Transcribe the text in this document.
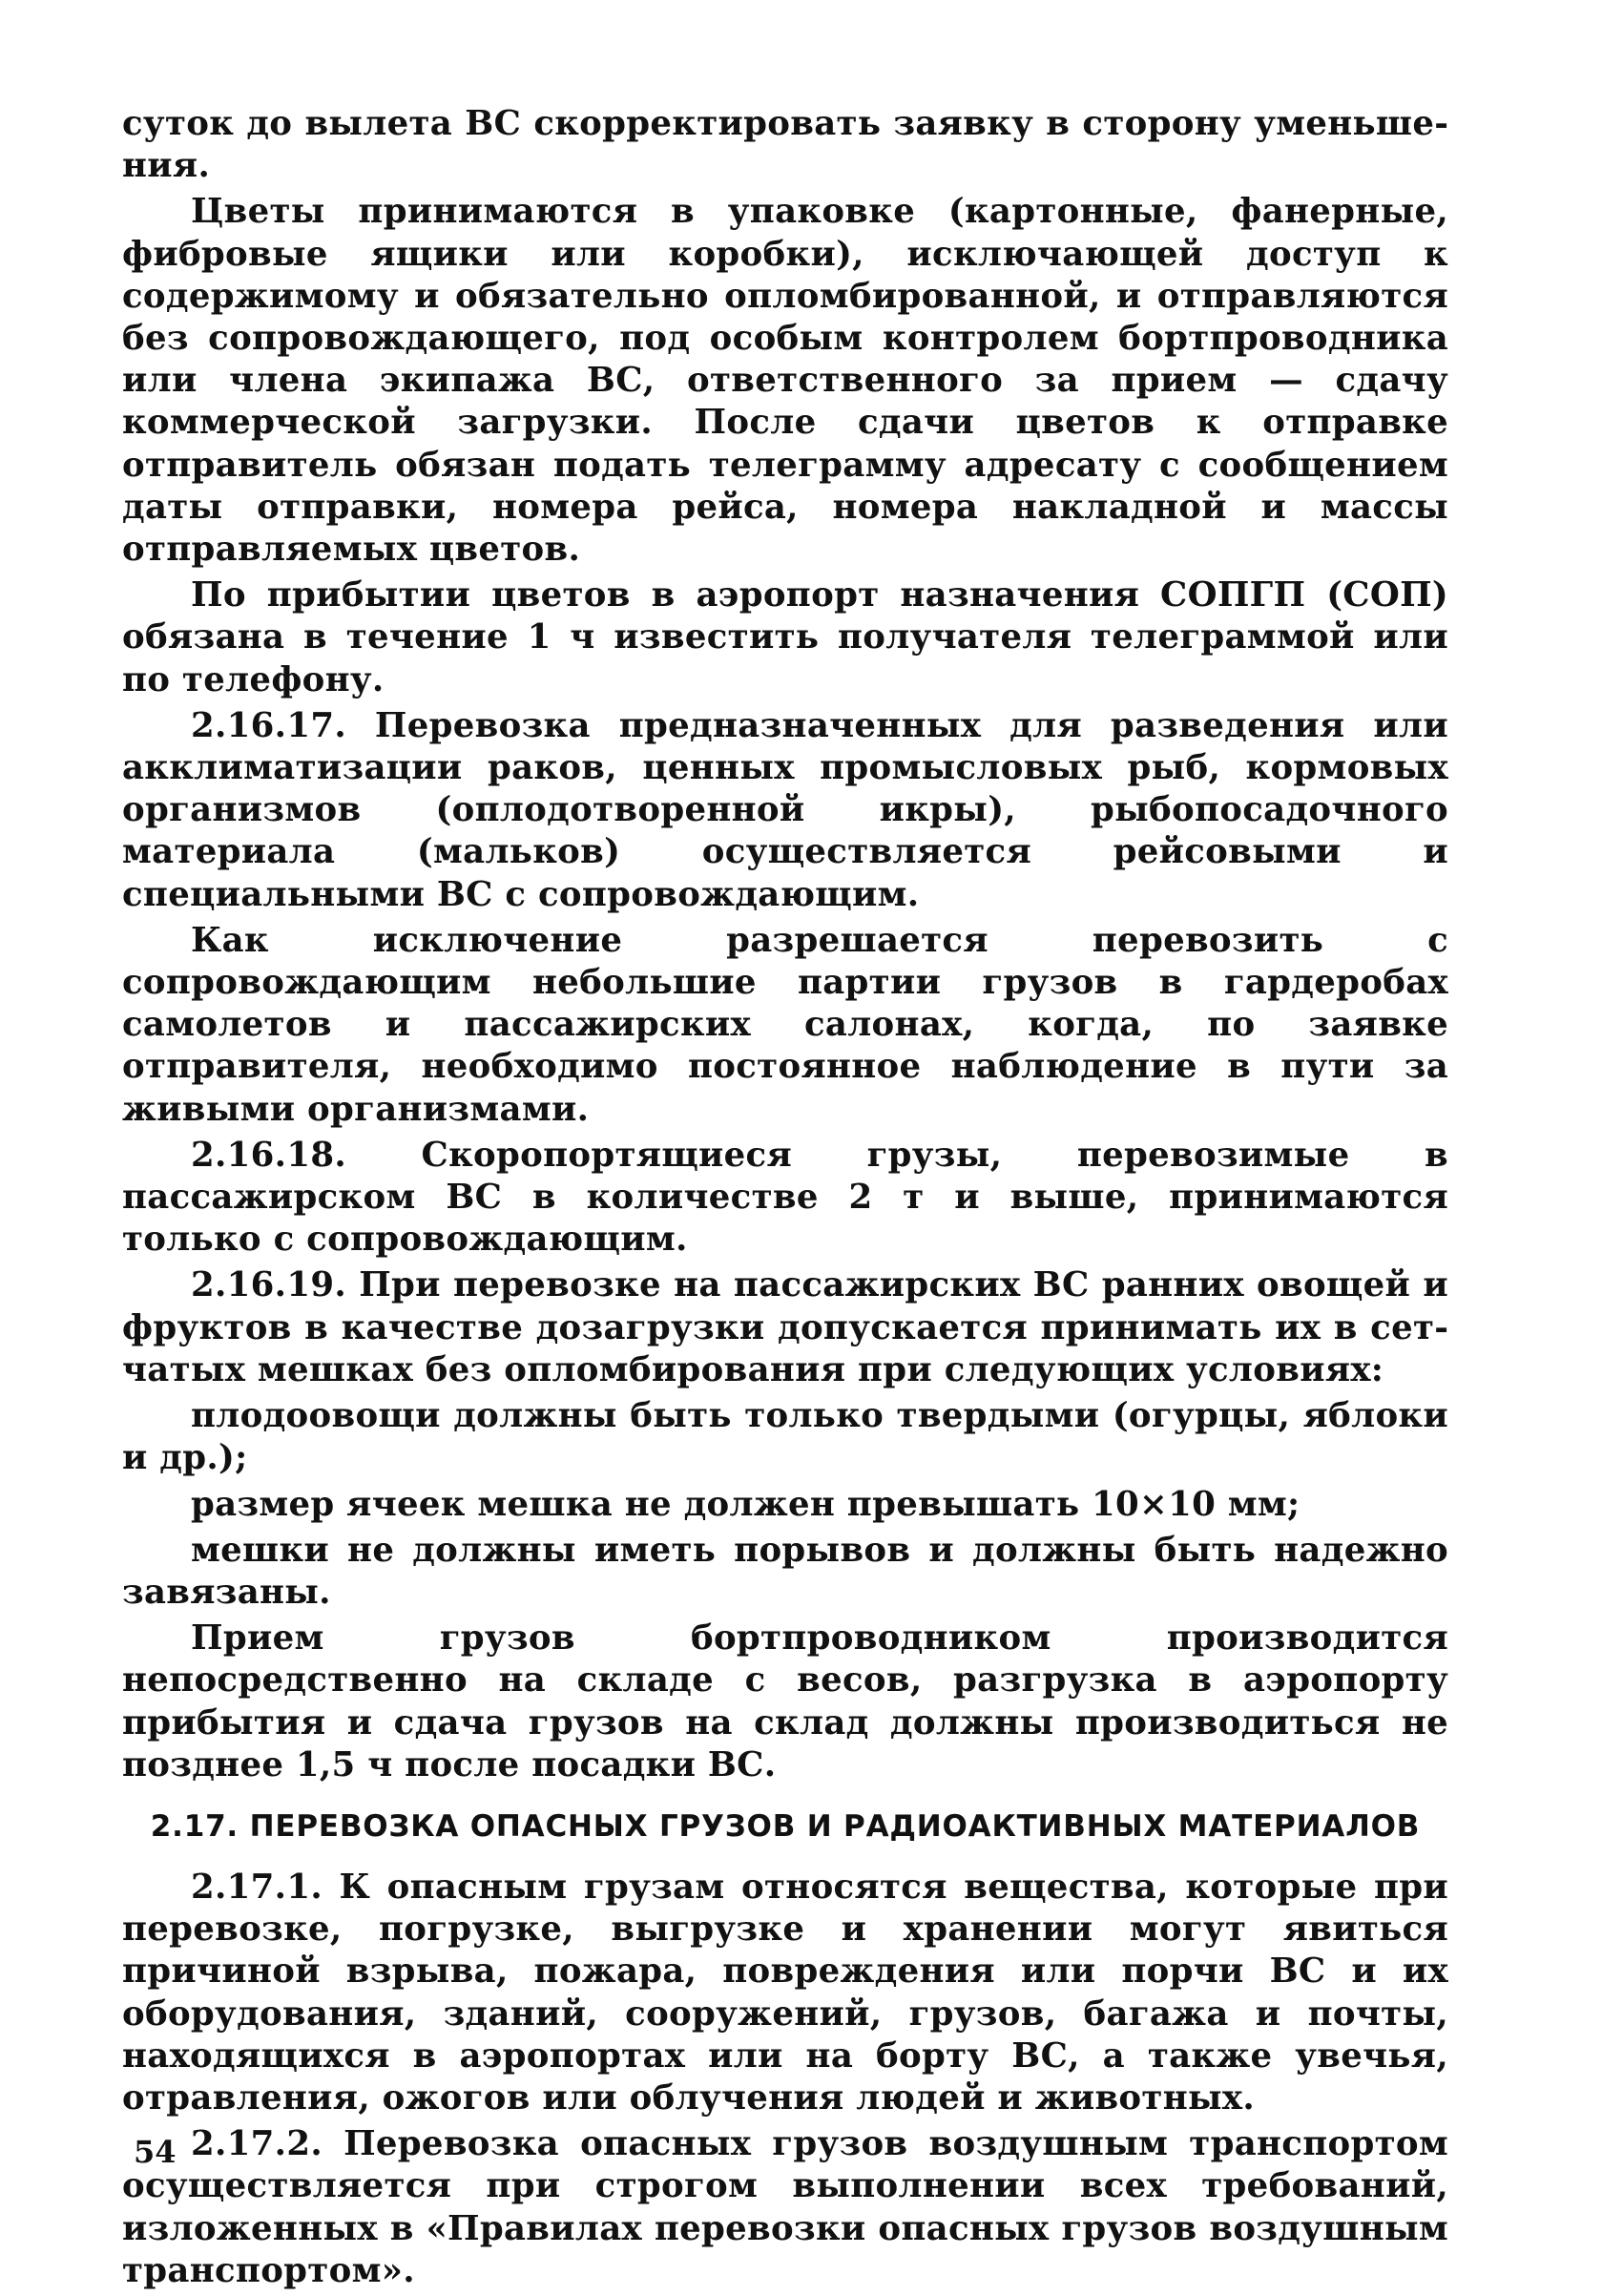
суток до вылета ВС скорректировать заявку в сторону уменьшения.

Цветы принимаются в упаковке (картонные, фанерные, фибровые ящики или коробки), исключающей доступ к содержимому и обязательно опломбированной, и отправляются без сопровождающего, под особым контролем бортпроводника или члена экипажа ВС, ответственного за прием — сдачу коммерческой загрузки. После сдачи цветов к отправке отправитель обязан подать телеграмму адресату с сообщением даты отправки, номера рейса, номера накладной и массы отправляемых цветов.

По прибытии цветов в аэропорт назначения СОПГП (СОП) обязана в течение 1 ч известить получателя телеграммой или по телефону.

2.16.17. Перевозка предназначенных для разведения или акклиматизации раков, ценных промысловых рыб, кормовых организмов (оплодотворенной икры), рыбопосадочного материала (мальков) осуществляется рейсовыми и специальными ВС с сопровождающим.

Как исключение разрешается перевозить с сопровождающим небольшие партии грузов в гардеробах самолетов и пассажирских салонах, когда, по заявке отправителя, необходимо постоянное наблюдение в пути за живыми организмами.

2.16.18. Скоропортящиеся грузы, перевозимые в пассажирском ВС в количестве 2 т и выше, принимаются только с сопровождающим.

2.16.19. При перевозке на пассажирских ВС ранних овощей и фруктов в качестве дозагрузки допускается принимать их в сетчатых мешках без опломбирования при следующих условиях:

плодоовощи должны быть только твердыми (огурцы, яблоки и др.);

размер ячеек мешка не должен превышать 10×10 мм;

мешки не должны иметь порывов и должны быть надежно завязаны.

Прием грузов бортпроводником производится непосредственно на складе с весов, разгрузка в аэропорту прибытия и сдача грузов на склад должны производиться не позднее 1,5 ч после посадки ВС.

2.17. ПЕРЕВОЗКА ОПАСНЫХ ГРУЗОВ И РАДИОАКТИВНЫХ МАТЕРИАЛОВ

2.17.1. К опасным грузам относятся вещества, которые при перевозке, погрузке, выгрузке и хранении могут явиться причиной взрыва, пожара, повреждения или порчи ВС и их оборудования, зданий, сооружений, грузов, багажа и почты, находящихся в аэропортах или на борту ВС, а также увечья, отравления, ожогов или облучения людей и животных.

2.17.2. Перевозка опасных грузов воздушным транспортом осуществляется при строгом выполнении всех требований, изложенных в «Правилах перевозки опасных грузов воздушным транспортом».

54
